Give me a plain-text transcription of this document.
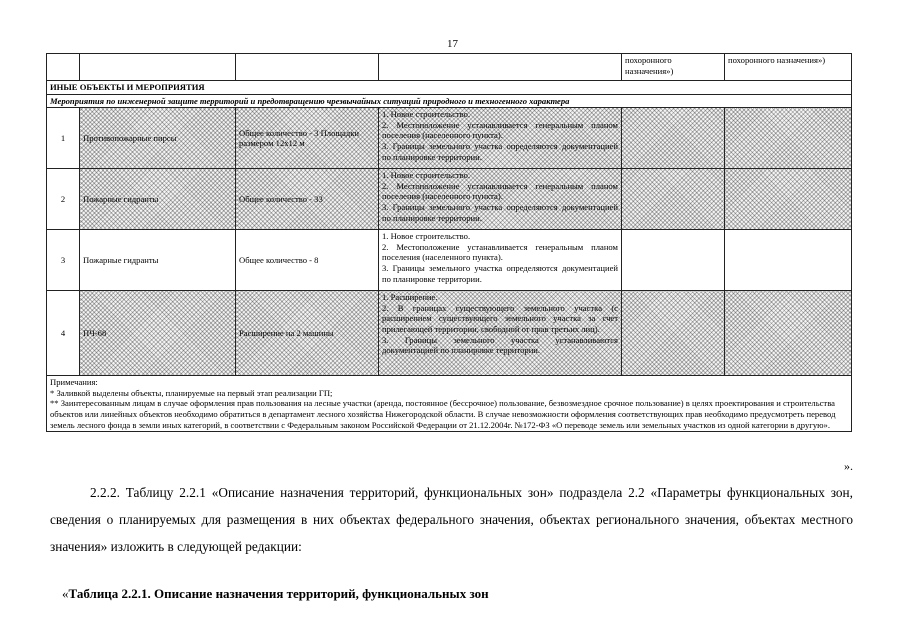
17
				похоронного назначения»)	похоронного назначения»)
ИНЫЕ ОБЪЕКТЫ И МЕРОПРИЯТИЯ					
Мероприятия по инженерной защите территорий и предотвращению чрезвычайных ситуаций природного и техногенного характера					
1	Противопожарные пирсы	Общее количество - 3 Площадки размером 12х12 м	1. Новое строительство.
2. Местоположение устанавливается генеральным планом поселения (населенного пункта).
3. Границы земельного участка определяются документацией по планировке территории.		

2	Пожарные гидранты	Общее количество - 33	1. Новое строительство.
2. Местоположение устанавливается генеральным планом поселения (населенного пункта).
3. Границы земельного участка определяются документацией по планировке территории.		

3	Пожарные гидранты	Общее количество - 8	1. Новое строительство.
2. Местоположение устанавливается генеральным планом поселения (населенного пункта).
3. Границы земельного участка определяются документацией по планировке территории.		

4	ПЧ-68	Расширение на 2 машины	1. Расширение.
2. В границах существующего земельного участка (с расширением существующего земельного участка за счет прилегающей территории, свободной от прав третьих лиц).
3. Границы земельного участка устанавливаются документацией по планировке территории.		

Примечания:
* Заливкой выделены объекты, планируемые на первый этап реализации ГП;
** Заинтересованным лицам в случае оформления прав пользования на лесные участки (аренда, постоянное (бессрочное) пользование, безвозмездное срочное пользование) в целях проектирования и строительства объектов или линейных объектов необходимо обратиться в департамент лесного хозяйства Нижегородской области. В случае невозможности оформления соответствующих прав необходимо предусмотреть перевод земель лесного фонда в земли иных категорий, в соответствии с Федеральным законом Российской Федерации от 21.12.2004г. №172-ФЗ «О переводе земель или земельных участков из одной категории в другую».					
».
2.2.2. Таблицу 2.2.1 «Описание назначения территорий, функциональных зон» подраздела 2.2 «Параметры функциональных зон, сведения о планируемых для размещения в них объектах федерального значения, объектах регионального значения, объектах местного значения» изложить в следующей редакции:
«Таблица 2.2.1. Описание назначения территорий, функциональных зон
